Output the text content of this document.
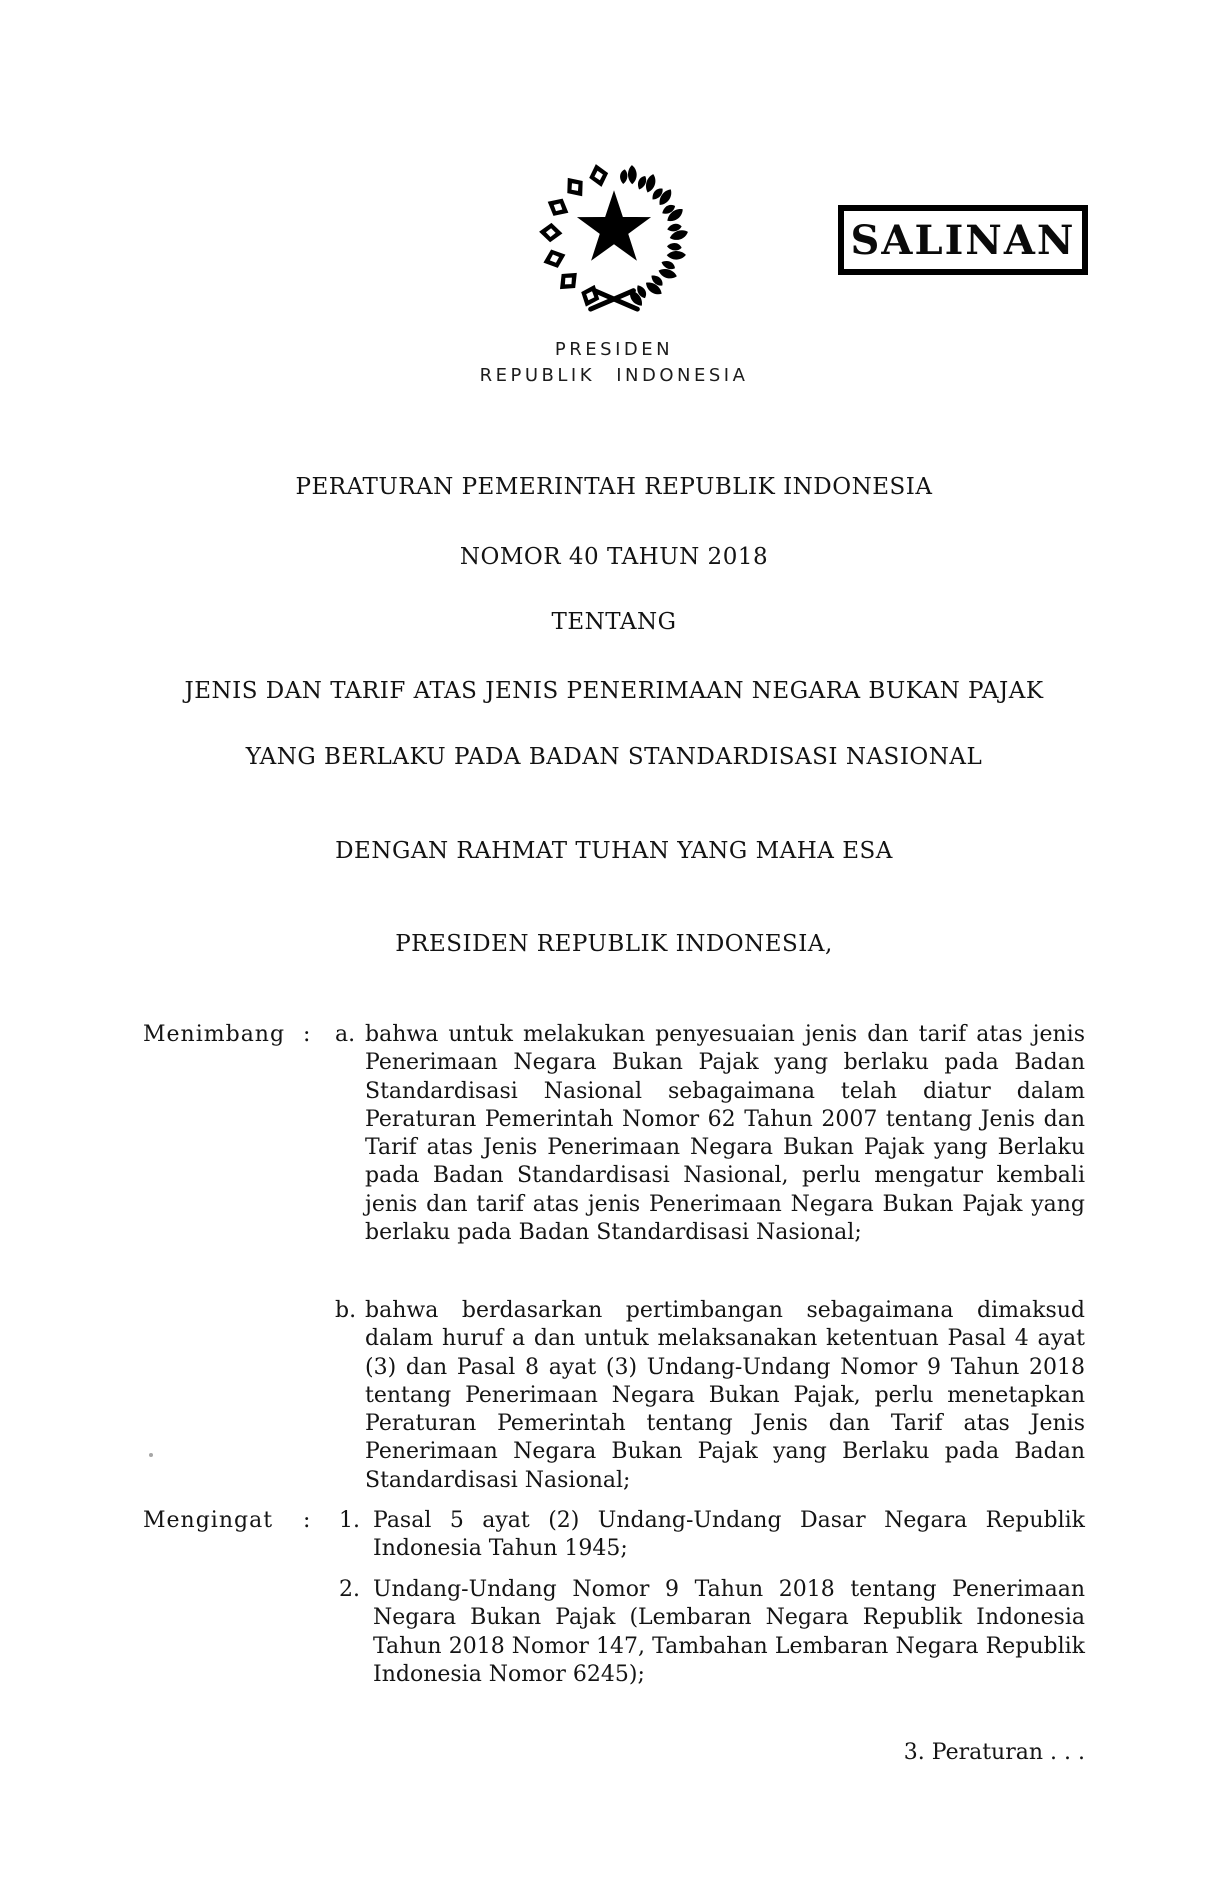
PRESIDEN
REPUBLIK INDONESIA
SALINAN
PERATURAN PEMERINTAH REPUBLIK INDONESIA
NOMOR 40 TAHUN 2018
TENTANG
JENIS DAN TARIF ATAS JENIS PENERIMAAN NEGARA BUKAN PAJAK
YANG BERLAKU PADA BADAN STANDARDISASI NASIONAL
DENGAN RAHMAT TUHAN YANG MAHA ESA
PRESIDEN REPUBLIK INDONESIA,
Menimbang : a. bahwa untuk melakukan penyesuaian jenis dan tarif atas jenis Penerimaan Negara Bukan Pajak yang berlaku pada Badan Standardisasi Nasional sebagaimana telah diatur dalam Peraturan Pemerintah Nomor 62 Tahun 2007 tentang Jenis dan Tarif atas Jenis Penerimaan Negara Bukan Pajak yang Berlaku pada Badan Standardisasi Nasional, perlu mengatur kembali jenis dan tarif atas jenis Penerimaan Negara Bukan Pajak yang berlaku pada Badan Standardisasi Nasional;
b. bahwa berdasarkan pertimbangan sebagaimana dimaksud dalam huruf a dan untuk melaksanakan ketentuan Pasal 4 ayat (3) dan Pasal 8 ayat (3) Undang-Undang Nomor 9 Tahun 2018 tentang Penerimaan Negara Bukan Pajak, perlu menetapkan Peraturan Pemerintah tentang Jenis dan Tarif atas Jenis Penerimaan Negara Bukan Pajak yang Berlaku pada Badan Standardisasi Nasional;
Mengingat : 1. Pasal 5 ayat (2) Undang-Undang Dasar Negara Republik Indonesia Tahun 1945;
2. Undang-Undang Nomor 9 Tahun 2018 tentang Penerimaan Negara Bukan Pajak (Lembaran Negara Republik Indonesia Tahun 2018 Nomor 147, Tambahan Lembaran Negara Republik Indonesia Nomor 6245);
3. Peraturan . . .
